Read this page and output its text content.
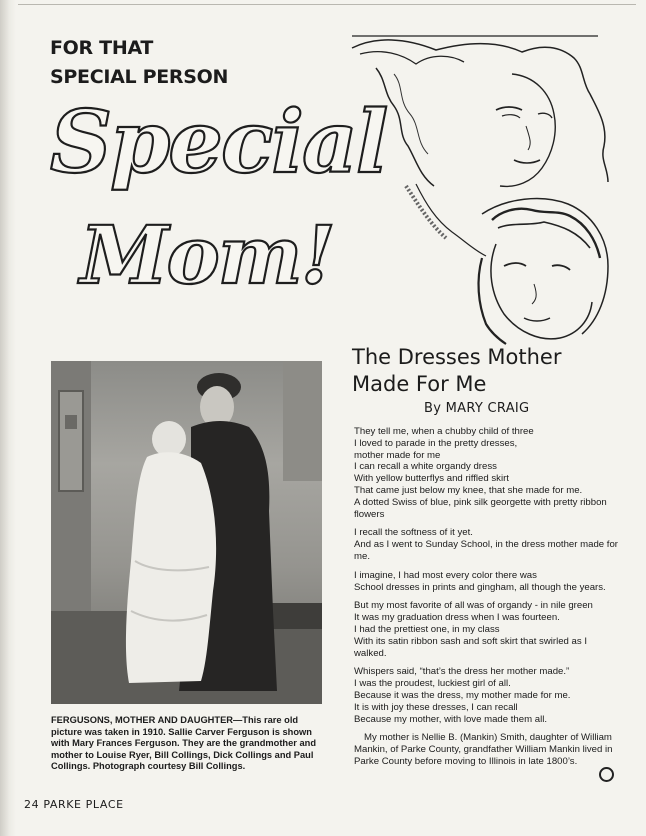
FOR THAT
SPECIAL PERSON
Special
Mom!
FERGUSONS, MOTHER AND DAUGHTER—This rare old picture was taken in 1910. Sallie Carver Ferguson is shown with Mary Frances Ferguson. They are the grandmother and mother to Louise Ryer, Bill Collings, Dick Collings and Paul Collings. Photograph courtesy Bill Collings.
The Dresses Mother
Made For Me
By MARY CRAIG

They tell me, when a chubby child of three
I loved to parade in the pretty dresses,
mother made for me
I can recall a white organdy dress
With yellow butterflys and riffled skirt
That came just below my knee, that she made for me.
A dotted Swiss of blue, pink silk georgette with pretty ribbon flowers

I recall the softness of it yet.
And as I went to Sunday School, in the dress mother made for me.

I imagine, I had most every color there was
School dresses in prints and gingham, all though the years.

But my most favorite of all was of organdy - in nile green
It was my graduation dress when I was fourteen.
I had the prettiest one, in my class
With its satin ribbon sash and soft skirt that swirled as I walked.

Whispers said, “that’s the dress her mother made.”
I was the proudest, luckiest girl of all.
Because it was the dress, my mother made for me.
It is with joy these dresses, I can recall
Because my mother, with love made them all.

My mother is Nellie B. (Mankin) Smith, daughter of William Mankin, of Parke County, grandfather William Mankin lived in Parke County before moving to Illinois in late 1800’s.

24 PARKE PLACE
